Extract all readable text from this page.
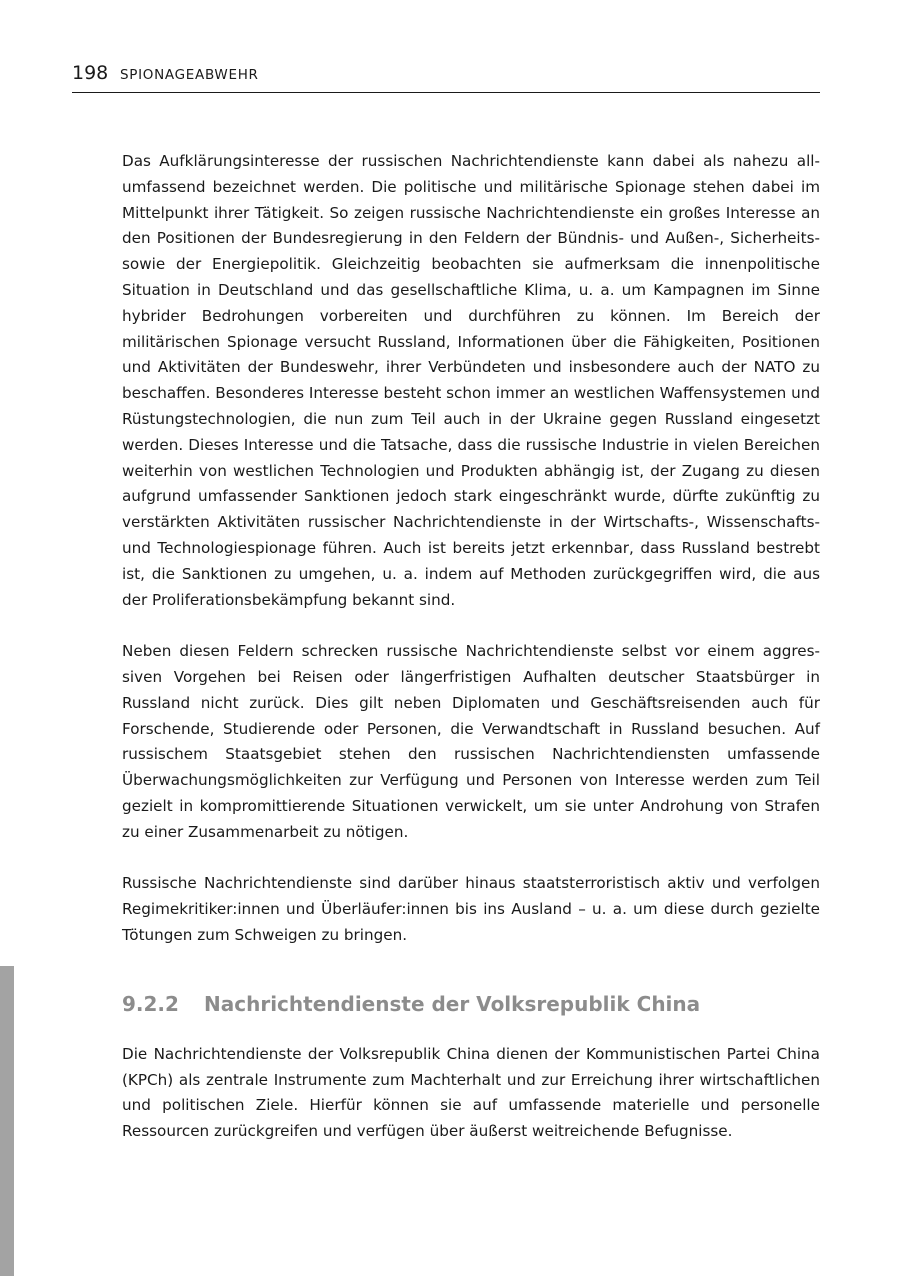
198 SPIONAGEABWEHR

Das Aufklärungsinteresse der russischen Nachrichtendienste kann dabei als nahezu allumfassend bezeichnet werden. Die politische und militärische Spionage stehen dabei im Mittelpunkt ihrer Tätigkeit. So zeigen russische Nachrichtendienste ein großes Interesse an den Positionen der Bundesregierung in den Feldern der Bündnis- und Außen-, Sicherheits- sowie der Energiepolitik. Gleichzeitig beobachten sie aufmerksam die innenpolitische Situation in Deutschland und das gesellschaftliche Klima, u. a. um Kampagnen im Sinne hybrider Bedrohungen vorbereiten und durchführen zu können. Im Bereich der militärischen Spionage versucht Russland, Informationen über die Fähigkeiten, Positionen und Aktivitäten der Bundeswehr, ihrer Verbündeten und insbesondere auch der NATO zu beschaffen. Besonderes Interesse besteht schon immer an westlichen Waffensystemen und Rüstungstechnologien, die nun zum Teil auch in der Ukraine gegen Russland eingesetzt werden. Dieses Interesse und die Tatsache, dass die russische Industrie in vielen Bereichen weiterhin von westlichen Technologien und Produkten abhängig ist, der Zugang zu diesen aufgrund umfassender Sanktionen jedoch stark eingeschränkt wurde, dürfte zukünftig zu verstärkten Aktivitäten russischer Nachrichtendienste in der Wirtschafts-, Wissenschafts- und Technologiespionage führen. Auch ist bereits jetzt erkennbar, dass Russland bestrebt ist, die Sanktionen zu umgehen, u. a. indem auf Methoden zurückgegriffen wird, die aus der Proliferationsbekämpfung bekannt sind.

Neben diesen Feldern schrecken russische Nachrichtendienste selbst vor einem aggressiven Vorgehen bei Reisen oder längerfristigen Aufhalten deutscher Staatsbürger in Russland nicht zurück. Dies gilt neben Diplomaten und Geschäftsreisenden auch für Forschende, Studierende oder Personen, die Verwandtschaft in Russland besuchen. Auf russischem Staatsgebiet stehen den russischen Nachrichtendiensten umfassende Überwachungsmöglichkeiten zur Verfügung und Personen von Interesse werden zum Teil gezielt in kompromittierende Situationen verwickelt, um sie unter Androhung von Strafen zu einer Zusammenarbeit zu nötigen.

Russische Nachrichtendienste sind darüber hinaus staatsterroristisch aktiv und verfolgen Regimekritiker:innen und Überläufer:innen bis ins Ausland – u. a. um diese durch gezielte Tötungen zum Schweigen zu bringen.

9.2.2 Nachrichtendienste der Volksrepublik China

Die Nachrichtendienste der Volksrepublik China dienen der Kommunistischen Partei China (KPCh) als zentrale Instrumente zum Machterhalt und zur Erreichung ihrer wirtschaftlichen und politischen Ziele. Hierfür können sie auf umfassende materielle und personelle Ressourcen zurückgreifen und verfügen über äußerst weitreichende Befugnisse.
